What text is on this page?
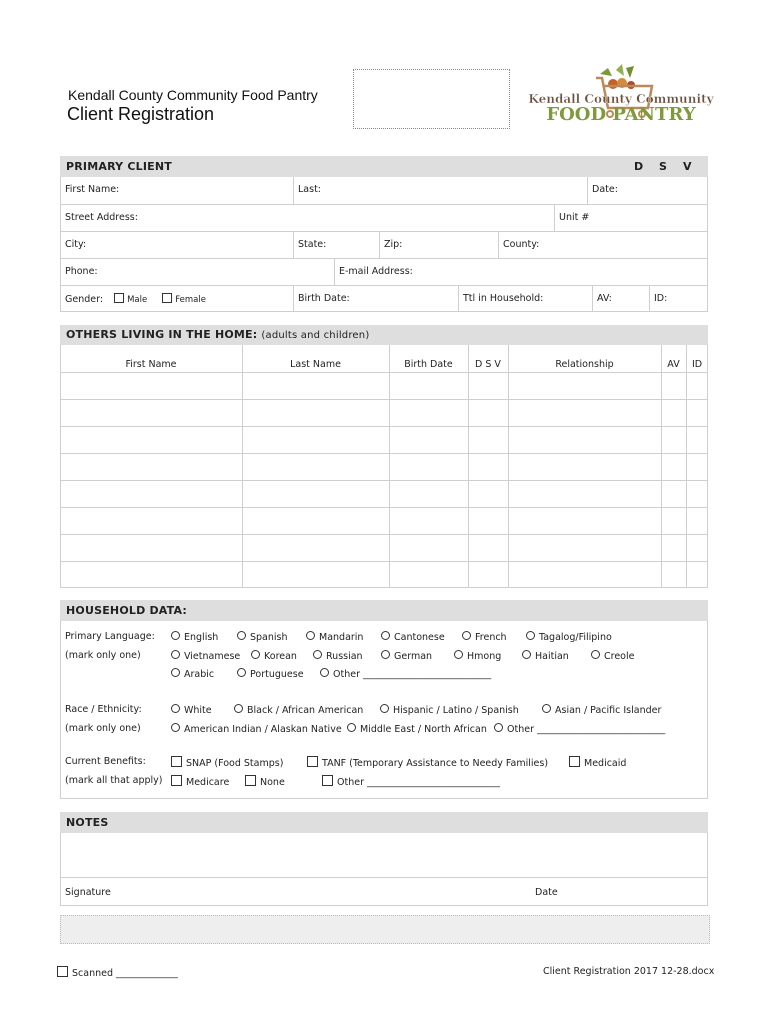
Kendall County Community Food Pantry
Client Registration
Kendall County Community
FOOD PANTRY
PRIMARY CLIENT	D S V
First Name:	Last:	Date:
Street Address:	Unit #
City:	State:	Zip:	County:
Phone:	E-mail Address:
Gender:	Male	Female	Birth Date:	Ttl in Household:	AV:	ID:
OTHERS LIVING IN THE HOME: (adults and children)
First Name	Last Name	Birth Date	D S V	Relationship	AV	ID
HOUSEHOLD DATA:
Primary Language:
(mark only one)
English	Spanish	Mandarin	Cantonese	French	Tagalog/Filipino
Vietnamese	Korean	Russian	German	Hmong	Haitian	Creole
Arabic	Portuguese	Other ___________________________
Race / Ethnicity:
(mark only one)
White	Black / African American	Hispanic / Latino / Spanish	Asian / Pacific Islander
American Indian / Alaskan Native	Middle East / North African	Other ___________________________
Current Benefits:
(mark all that apply)
SNAP (Food Stamps)	TANF (Temporary Assistance to Needy Families)	Medicaid
Medicare	None	Other ____________________________
NOTES
Signature	Date
Scanned _____________	Client Registration 2017 12-28.docx
